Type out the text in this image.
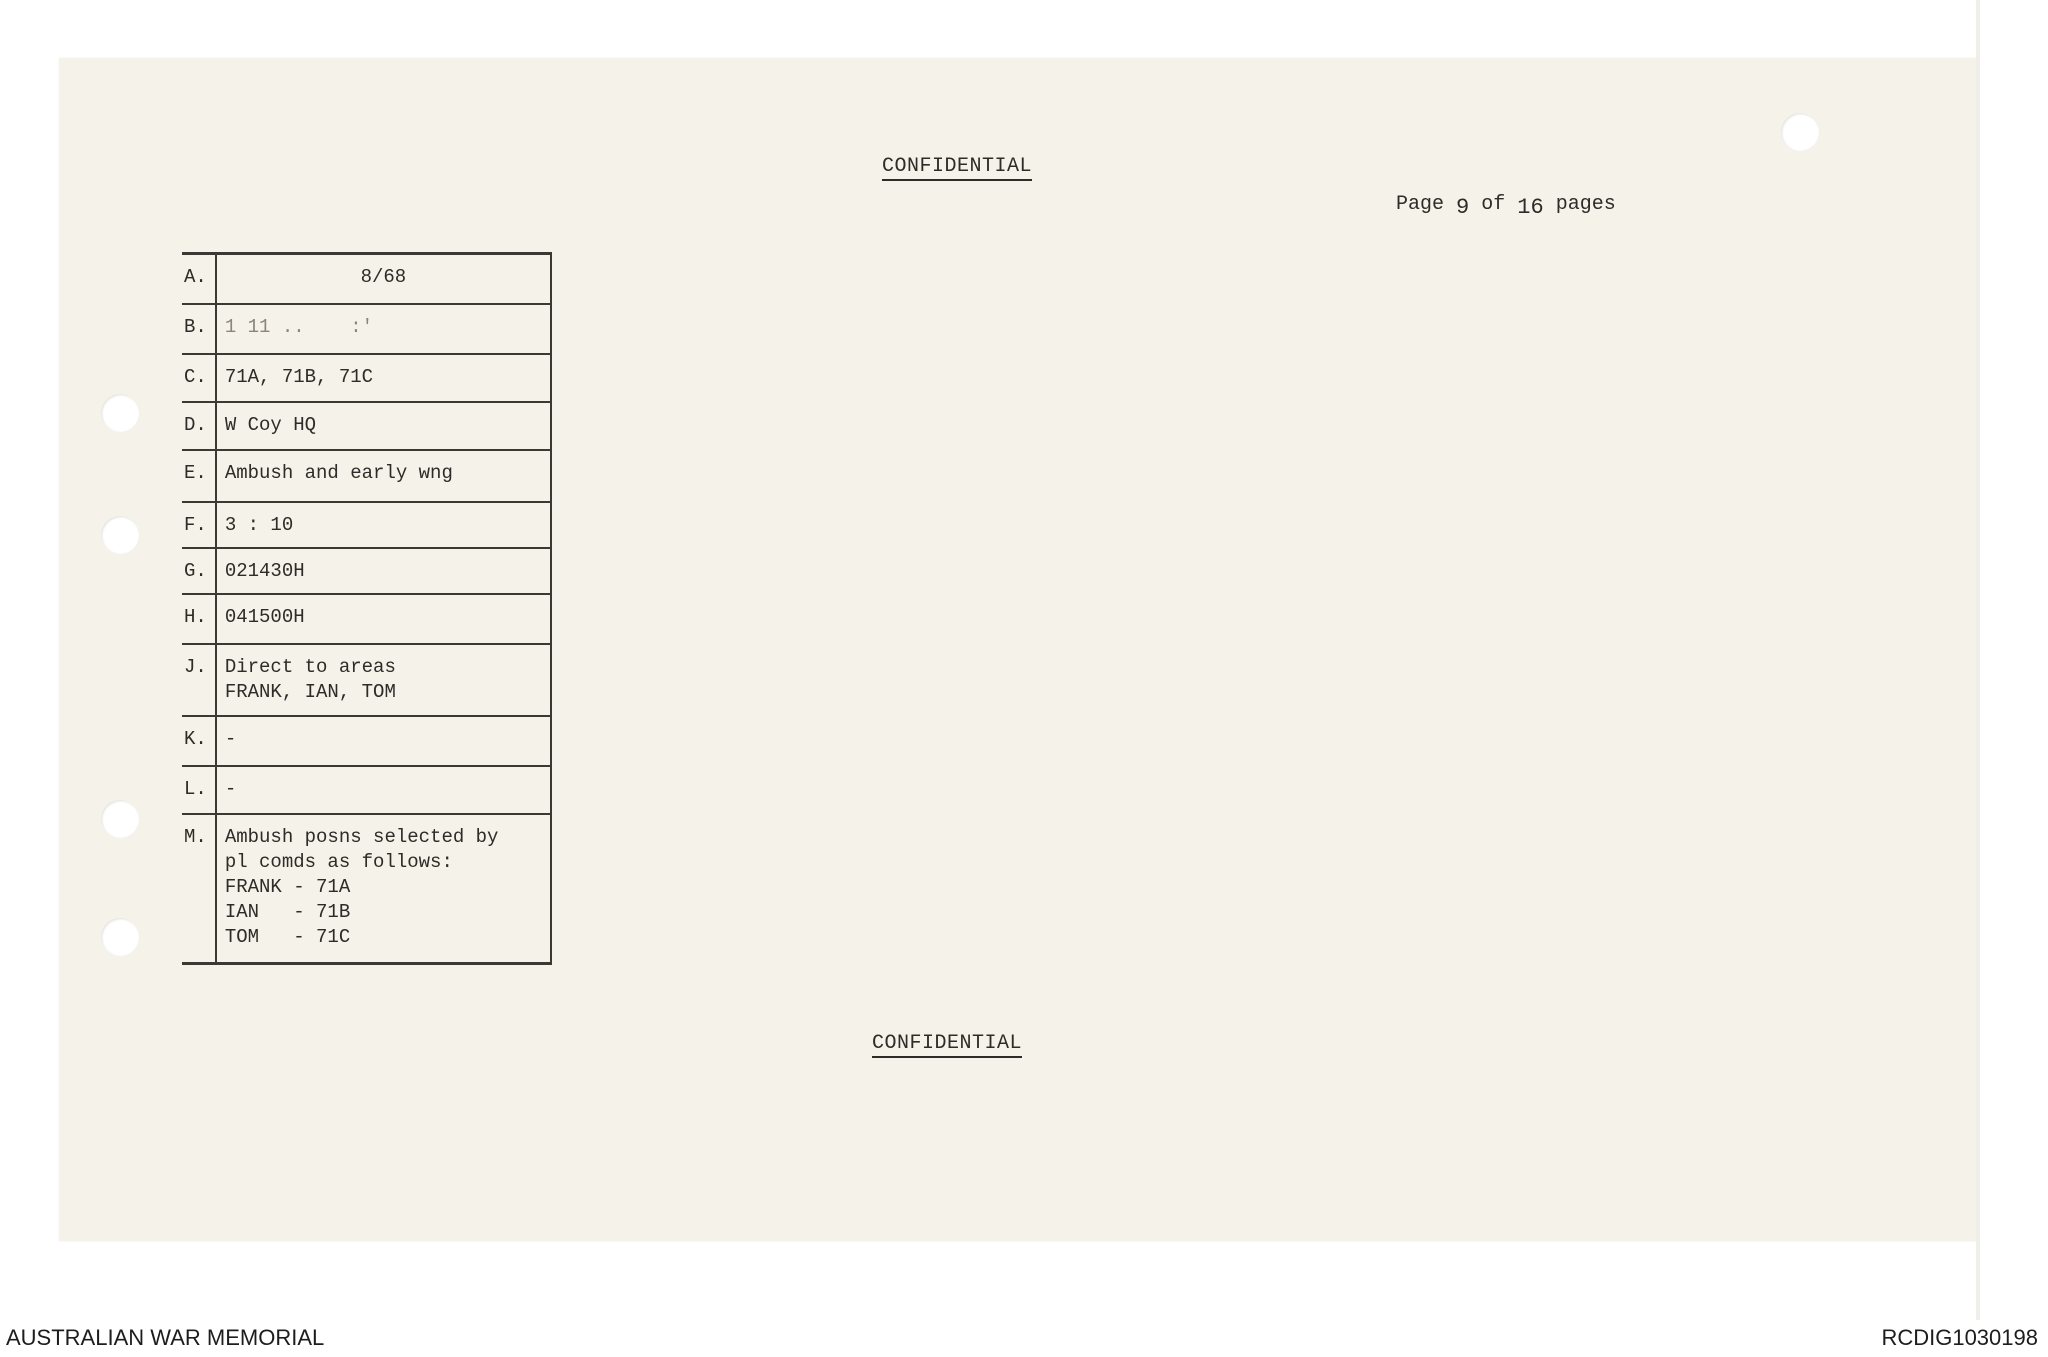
CONFIDENTIAL
Page 9 of 16 pages
A.	8/68

B.	1 11 ..    :'

C.	71A, 71B, 71C

D.	W Coy HQ

E.	Ambush and early wng

F.	3 : 10

G.	021430H

H.	041500H

J.	Direct to areas
FRANK, IAN, TOM

K.	-

L.	-

M.	Ambush posns selected by
pl comds as follows:
FRANK - 71A
IAN   - 71B
TOM   - 71C
CONFIDENTIAL
AUSTRALIAN WAR MEMORIAL	RCDIG1030198
